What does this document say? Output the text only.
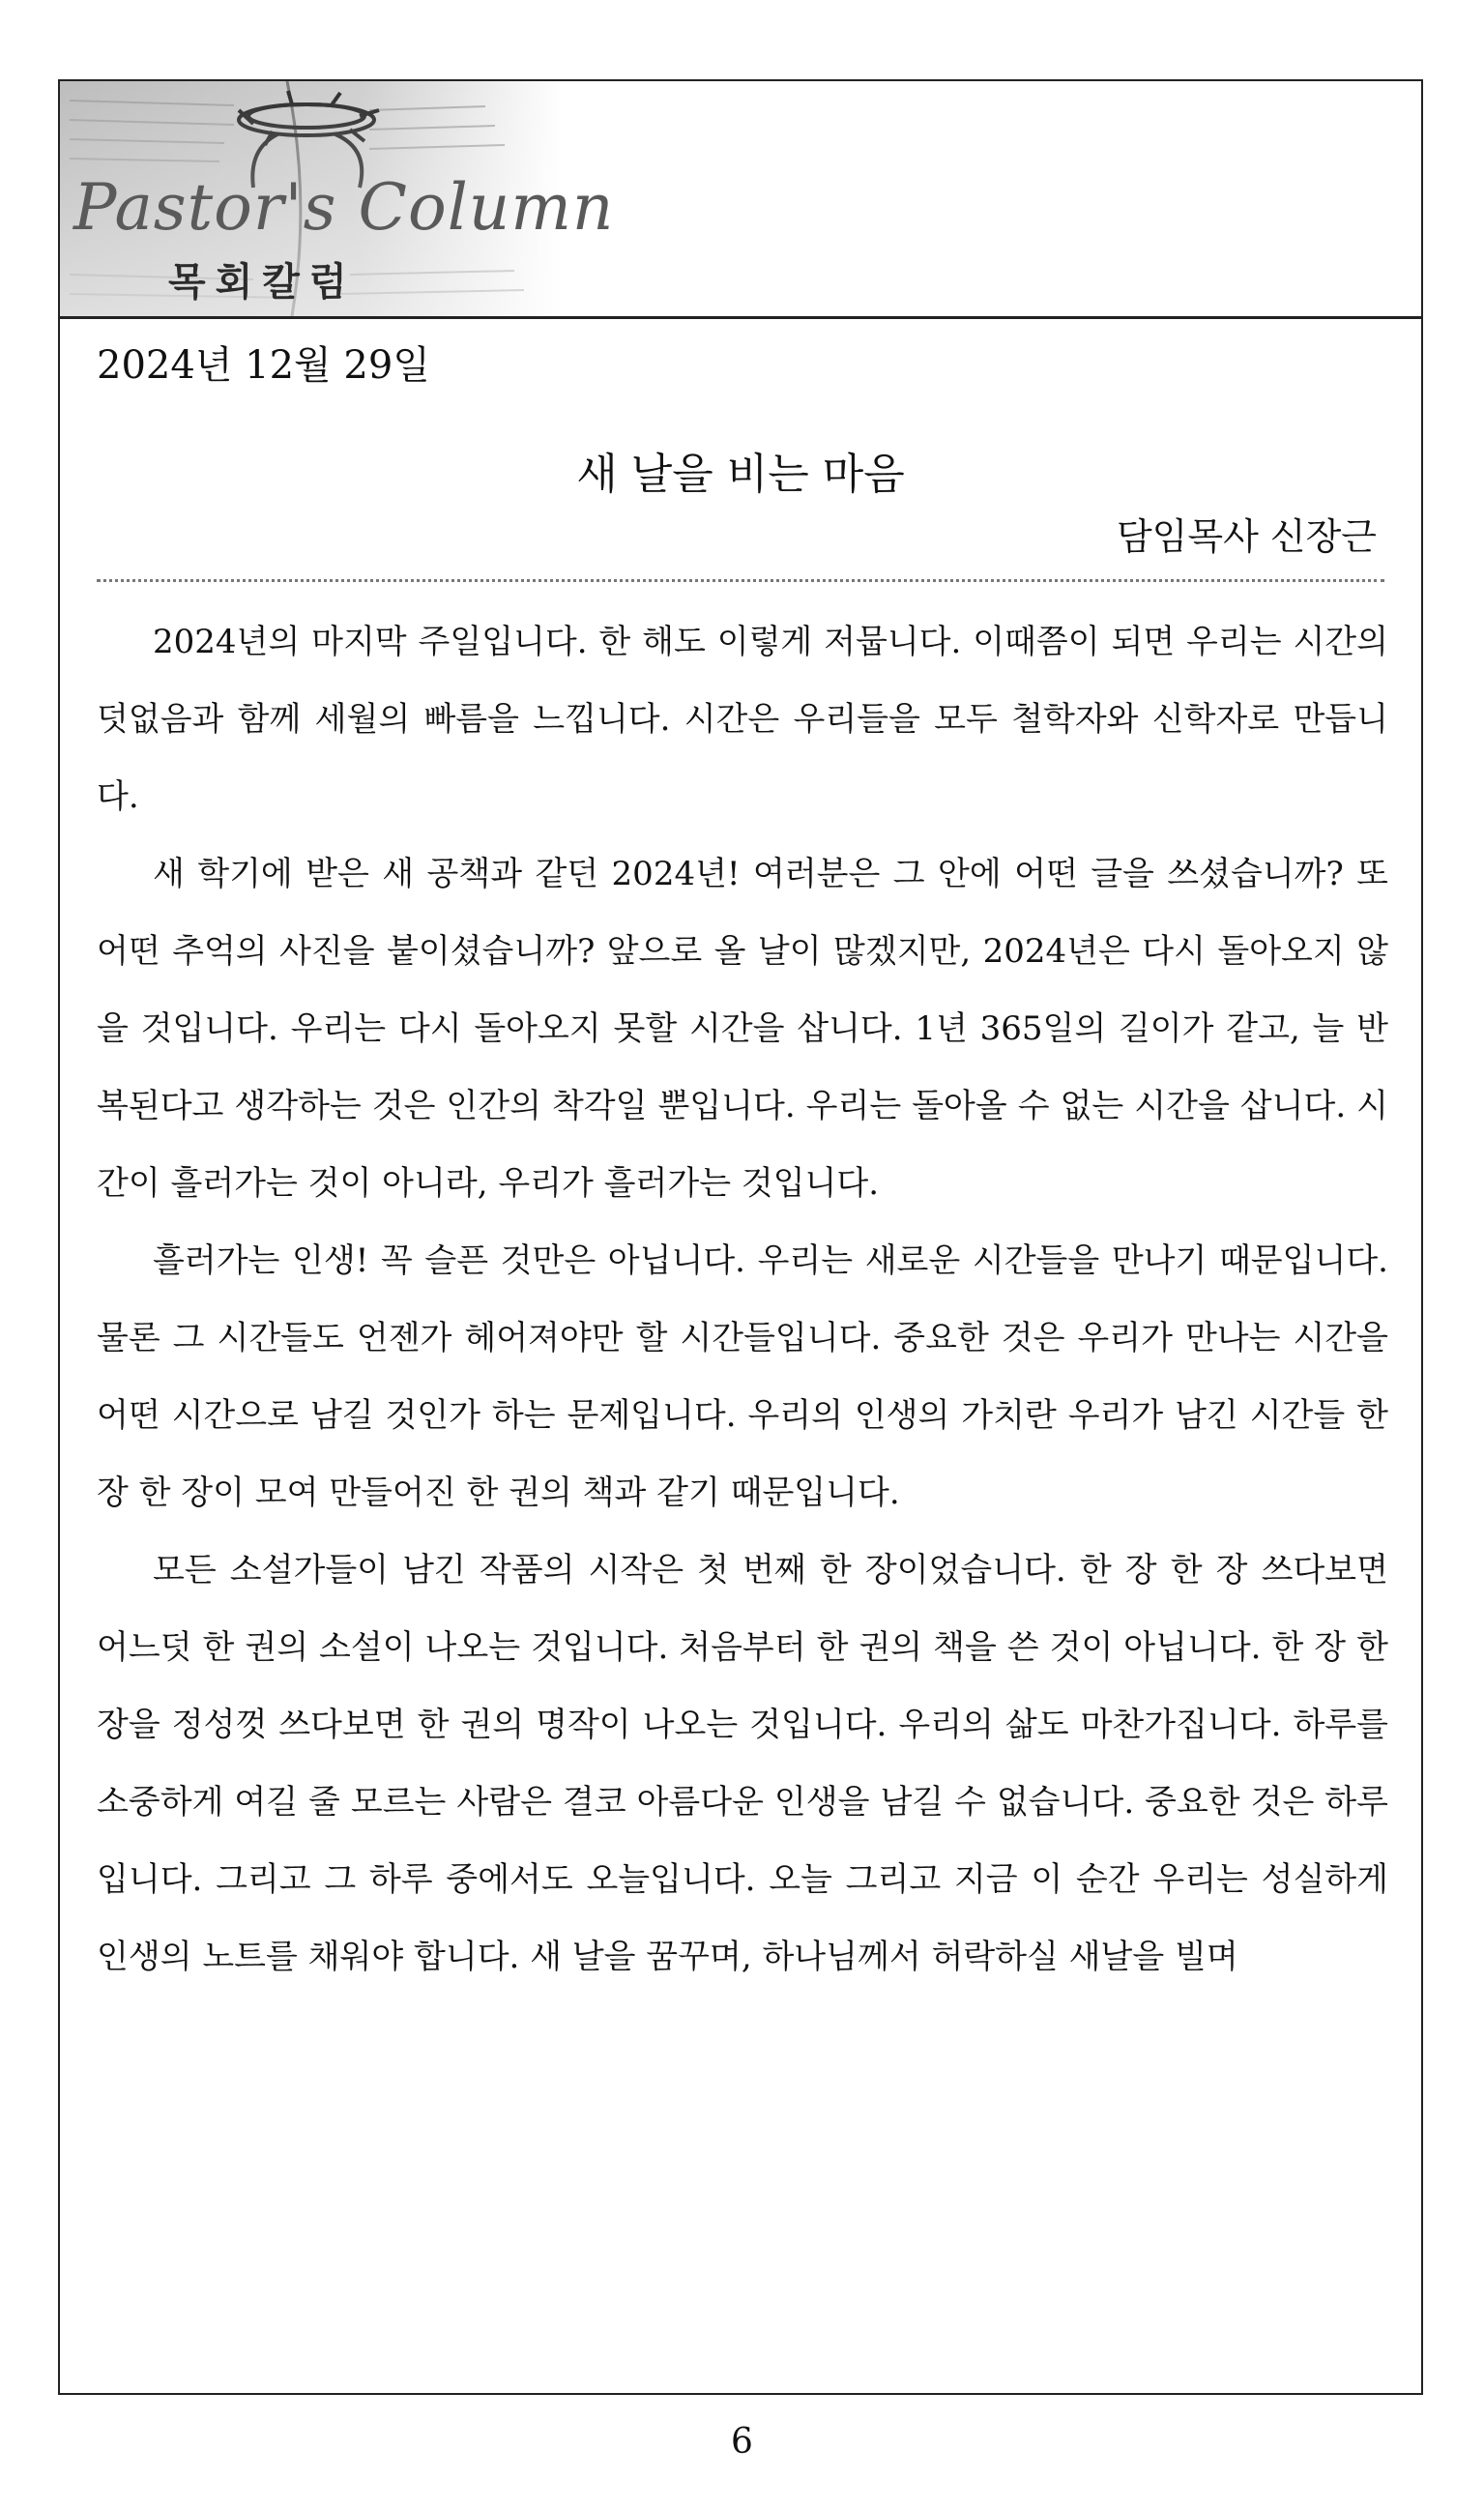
Pastor's Column
목회칼럼
2024년 12월 29일
새 날을 비는 마음
담임목사 신장근

2024년의 마지막 주일입니다. 한 해도 이렇게 저뭅니다. 이때쯤이 되면 우리는 시간의 덧없음과 함께 세월의 빠름을 느낍니다. 시간은 우리들을 모두 철학자와 신학자로 만듭니다.

새 학기에 받은 새 공책과 같던 2024년! 여러분은 그 안에 어떤 글을 쓰셨습니까? 또 어떤 추억의 사진을 붙이셨습니까? 앞으로 올 날이 많겠지만, 2024년은 다시 돌아오지 않을 것입니다. 우리는 다시 돌아오지 못할 시간을 삽니다. 1년 365일의 길이가 같고, 늘 반복된다고 생각하는 것은 인간의 착각일 뿐입니다. 우리는 돌아올 수 없는 시간을 삽니다. 시간이 흘러가는 것이 아니라, 우리가 흘러가는 것입니다.

흘러가는 인생! 꼭 슬픈 것만은 아닙니다. 우리는 새로운 시간들을 만나기 때문입니다. 물론 그 시간들도 언젠가 헤어져야만 할 시간들입니다. 중요한 것은 우리가 만나는 시간을 어떤 시간으로 남길 것인가 하는 문제입니다. 우리의 인생의 가치란 우리가 남긴 시간들 한 장 한 장이 모여 만들어진 한 권의 책과 같기 때문입니다.

모든 소설가들이 남긴 작품의 시작은 첫 번째 한 장이었습니다. 한 장 한 장 쓰다보면 어느덧 한 권의 소설이 나오는 것입니다. 처음부터 한 권의 책을 쓴 것이 아닙니다. 한 장 한 장을 정성껏 쓰다보면 한 권의 명작이 나오는 것입니다. 우리의 삶도 마찬가집니다. 하루를 소중하게 여길 줄 모르는 사람은 결코 아름다운 인생을 남길 수 없습니다. 중요한 것은 하루입니다. 그리고 그 하루 중에서도 오늘입니다. 오늘 그리고 지금 이 순간 우리는 성실하게 인생의 노트를 채워야 합니다. 새 날을 꿈꾸며, 하나님께서 허락하실 새날을 빌며

6
